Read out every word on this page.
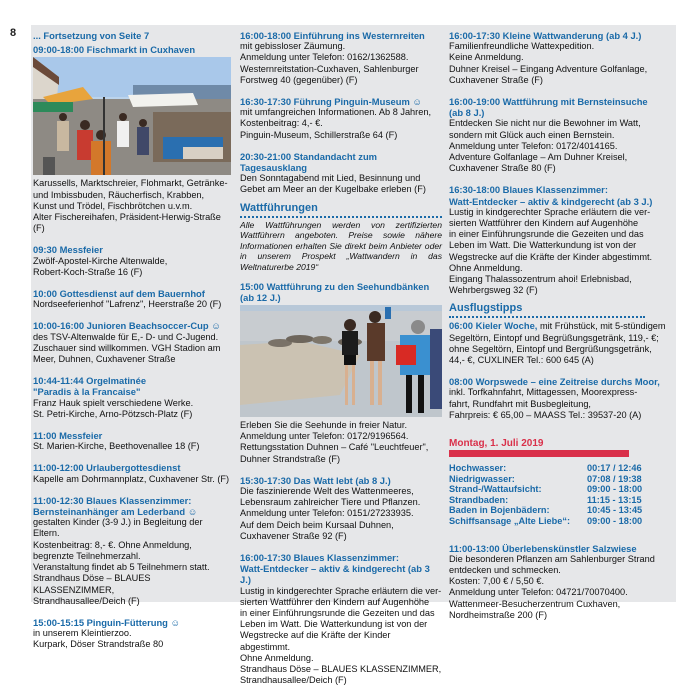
8 ... Fortsetzung von Seite 7
09:00-18:00 Fischmarkt in Cuxhaven
Karussells, Marktschreier, Flohmarkt, Getränke-
und Imbissbuden, Räucherfisch, Krabben,
Kunst und Trödel, Fischbrötchen u.v.m.
Alter Fischereihafen, Präsident-Herwig-Straße (F)
09:30 Messfeier
Zwölf-Apostel-Kirche Altenwalde,
Robert-Koch-Straße 16 (F)
10:00 Gottesdienst auf dem Bauernhof
Nordseeferienhof "Lafrenz", Heerstraße 20 (F)
10:00-16:00 Junioren Beachsoccer-Cup ☺
des TSV-Altenwalde für E,- D- und C-Jugend.
Zuschauer sind willkommen. VGH Stadion am
Meer, Duhnen, Cuxhavener Straße
10:44-11:44 Orgelmatinée
"Paradis à la Francaise"
Franz Hauk spielt verschiedene Werke.
St. Petri-Kirche, Arno-Pötzsch-Platz (F)
11:00 Messfeier
St. Marien-Kirche, Beethovenallee 18 (F)
11:00-12:00 Urlaubergottesdienst
Kapelle am Dohrmannplatz, Cuxhavener Str. (F)
11:00-12:30 Blaues Klassenzimmer:
Bernsteinanhänger am Lederband ☺
gestalten Kinder (3-9 J.) in Begleitung der Eltern.
Kostenbeitrag: 8,- €. Ohne Anmeldung,
begrenzte Teilnehmerzahl.
Veranstaltung findet ab 5 Teilnehmern statt.
Strandhaus Döse – BLAUES KLASSENZIMMER,
Strandhausallee/Deich (F)
15:00-15:15 Pinguin-Fütterung ☺
in unserem Kleintierzoo.
Kurpark, Döser Strandstraße 80
16:00-18:00 Einführung ins Westernreiten
mit gebissloser Zäumung.
Anmeldung unter Telefon: 0162/1362588.
Westernreitstation-Cuxhaven, Sahlenburger
Forstweg 40 (gegenüber) (F)
16:30-17:30 Führung Pinguin-Museum ☺
mit umfangreichen Informationen. Ab 8 Jahren,
Kostenbeitrag: 4,- €.
Pinguin-Museum, Schillerstraße 64 (F)
20:30-21:00 Standandacht zum Tagesausklang
Den Sonntagabend mit Lied, Besinnung und
Gebet am Meer an der Kugelbake erleben (F)
Wattführungen
Alle Wattführungen werden von zertifizierten Wattführern angeboten. Preise sowie nähere Informationen erhalten Sie direkt beim Anbieter oder in unserem Prospekt „Wattwandern in das Weltnaturerbe 2019“
15:00 Wattführung zu den Seehundbänken (ab 12 J.)
Erleben Sie die Seehunde in freier Natur.
Anmeldung unter Telefon: 0172/9196564.
Rettungsstation Duhnen – Café "Leuchtfeuer",
Duhner Strandstraße (F)
15:30-17:30 Das Watt lebt (ab 8 J.)
Die faszinierende Welt des Wattenmeeres,
Lebensraum zahlreicher Tiere und Pflanzen.
Anmeldung unter Telefon: 0151/27233935.
Auf dem Deich beim Kursaal Duhnen,
Cuxhavener Straße 92 (F)
16:00-17:30 Blaues Klassenzimmer:
Watt-Entdecker – aktiv & kindgerecht (ab 3 J.)
Lustig in kindgerechter Sprache erläutern die ver-
sierten Wattführer den Kindern auf Augenhöhe
in einer Einführungsrunde die Gezeiten und das
Leben im Watt. Die Watterkundung ist von der
Wegstrecke auf die Kräfte der Kinder abgestimmt.
Ohne Anmeldung.
Strandhaus Döse – BLAUES KLASSENZIMMER,
Strandhausallee/Deich (F)
16:00-17:30 Kleine Wattwanderung (ab 4 J.)
Familienfreundliche Wattexpedition.
Keine Anmeldung.
Duhner Kreisel – Eingang Adventure Golfanlage,
Cuxhavener Straße (F)
16:00-19:00 Wattführung mit Bernsteinsuche
(ab 8 J.)
Entdecken Sie nicht nur die Bewohner im Watt,
sondern mit Glück auch einen Bernstein.
Anmeldung unter Telefon: 0172/4014165.
Adventure Golfanlage – Am Duhner Kreisel,
Cuxhavener Straße 80 (F)
16:30-18:00 Blaues Klassenzimmer:
Watt-Entdecker – aktiv & kindgerecht (ab 3 J.)
Lustig in kindgerechter Sprache erläutern die ver-
sierten Wattführer den Kindern auf Augenhöhe
in einer Einführungsrunde die Gezeiten und das
Leben im Watt. Die Watterkundung ist von der
Wegstrecke auf die Kräfte der Kinder abgestimmt.
Ohne Anmeldung.
Eingang Thalassozentrum ahoi! Erlebnisbad,
Wehrbergsweg 32 (F)
Ausflugstipps
06:00 Kieler Woche, mit Frühstück, mit 5-stündigem
Segeltörn, Eintopf und Begrüßungsgetränk, 119,- €;
ohne Segeltörn, Eintopf und Bergrüßungsgetränk,
44,- €, CUXLINER Tel.: 600 645 (A)
08:00 Worpswede – eine Zeitreise durchs Moor,
inkl. Torfkahnfahrt, Mittagessen, Moorexpress-
fahrt, Rundfahrt mit Busbegleitung,
Fahrpreis: € 65,00 – MAASS Tel.: 39537-20 (A)
Montag, 1. Juli 2019
Hochwasser:	00:17 / 12:46
Niedrigwasser:	07:08 / 19:38
Strand-/Wattaufsicht:	09:00 - 18:00
Strandbaden:	11:15 - 13:15
Baden in Bojenbädern:	10:45 - 13:45
Schiffsansage „Alte Liebe“: 09:00 - 18:00
11:00-13:00 Überlebenskünstler Salzwiese
Die besonderen Pflanzen am Sahlenburger Strand
entdecken und schmecken.
Kosten: 7,00 € / 5,50 €.
Anmeldung unter Telefon: 04721/70070400.
Wattenmeer-Besucherzentrum Cuxhaven,
Nordheimstraße 200 (F)
